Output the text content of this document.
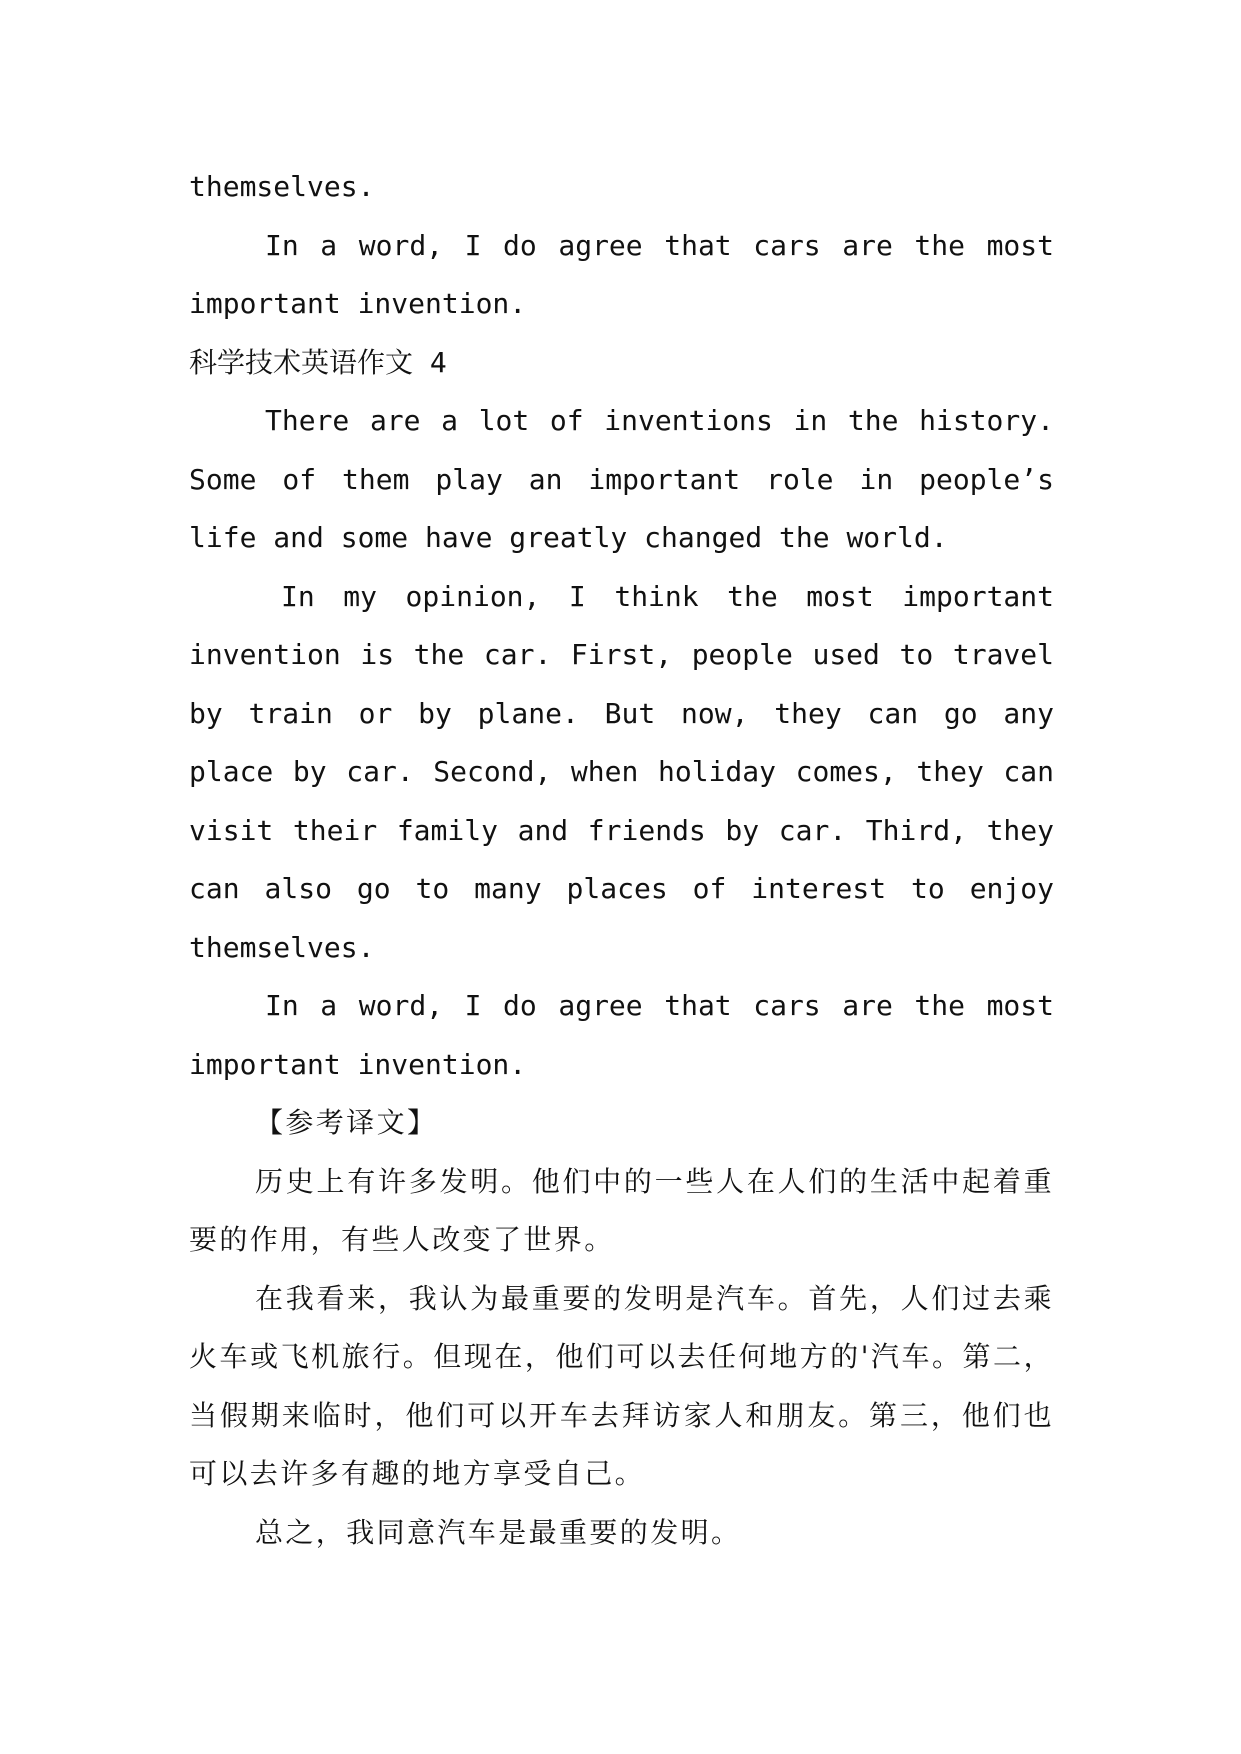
themselves.

In a word, I do agree that cars are the most important invention.

科学技术英语作文 4

There are a lot of inventions in the history. Some of them play an important role in people’s life and some have greatly changed the world.

In my opinion, I think the most important invention is the car. First, people used to travel by train or by plane. But now, they can go any place by car. Second, when holiday comes, they can visit their family and friends by car. Third, they can also go to many places of interest to enjoy themselves.

In a word, I do agree that cars are the most important invention.

【参考译文】

历史上有许多发明。他们中的一些人在人们的生活中起着重要的作用，有些人改变了世界。

在我看来，我认为最重要的发明是汽车。首先，人们过去乘火车或飞机旅行。但现在，他们可以去任何地方的'汽车。第二，当假期来临时，他们可以开车去拜访家人和朋友。第三，他们也可以去许多有趣的地方享受自己。

总之，我同意汽车是最重要的发明。
